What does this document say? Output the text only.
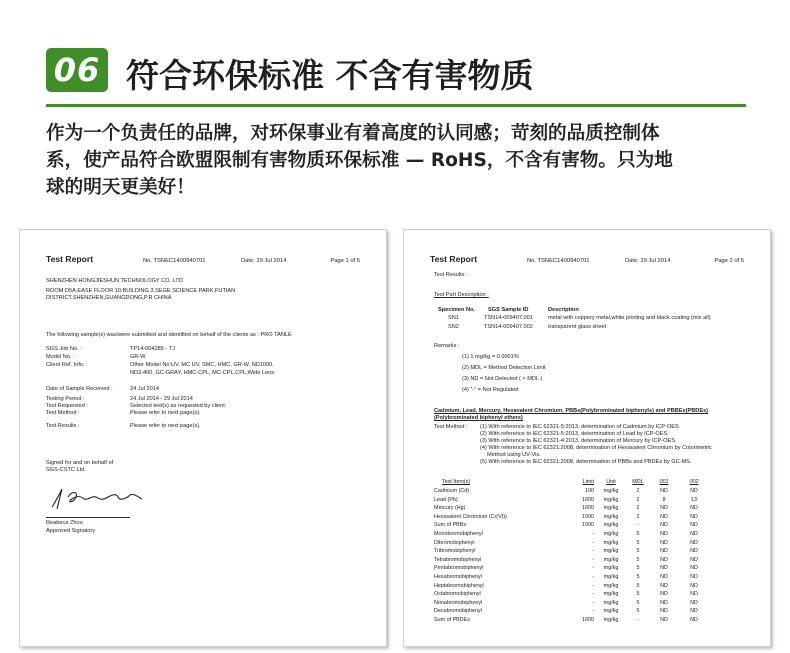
06 符合环保标准 不含有害物质
作为一个负责任的品牌，对环保事业有着高度的认同感；苛刻的品质控制体
系，使产品符合欧盟限制有害物质环保标准 — RoHS，不含有害物。只为地
球的明天更美好！
Test Report	No. TSNEC1400940701	Date: 29 Jul 2014	Page 1 of 5
SHENZHEN HONGJIESHUN TECHNOLOGY CO. LTD
ROOM D5A,EASE FLOOR 10,BUILDING 3,SEGE SCIENCE PARK,FUTIAN
DISTRICT,SHENZHEN,GUANGDONG,P.R CHINA
The following sample(s) was/were submitted and identified on behalf of the clients as : PRO TANLE
SGS Job No. :	TP14-004285 - TJ
Model No. :	GR-W
Client Ref. Info. :	Other Model No:UV, MC UV, SMC, HMC, GR-W, ND1000,
ND2-400, GC-GRAY, HMC-CPL, MC-CPL,CPL,Wide Lens
Date of Sample Received :	24 Jul 2014
Testing Period :	24 Jul 2014 - 29 Jul 2014
Test Requested :	Selected test(s) as requested by client.
Test Method :	Please refer to next page(s).
Test Results :	Please refer to next page(s).
Signed for and on behalf of
SGS-CSTC Ltd.
Reabeca Zhou
Approved Signatory
Test Report	No. TSNEC1400940701	Date: 29 Jul 2014	Page 2 of 5
Test Results :
Test Part Description :
Specimen No. SGS Sample ID	Description
SN1	TSN14-009407.001	metal with coppery metal,white printing and black coating (mix all)
SN2	TSN14-009407.002	transparent glass sheet
Remarks :
(1) 1 mg/kg = 0.0001%
(2) MDL = Method Detection Limit
(3) ND = Not Detected ( < MDL )
(4) "-" = Not Regulated
Cadmium, Lead, Mercury, Hexavalent Chromium, PBBs(Polybrominated biphenyls) and PBBEs(PBDEs)
(Polybrominated biphenyl ethers)
Test Method : (1) With reference to IEC 62321-5:2013, determination of Cadmium by ICP-OES.
(2) With reference to IEC 62321-5:2013, determination of Lead by ICP-OES.
(3) With reference to IEC 62321-4:2013, determination of Mercury by ICP-OES.
(4) With reference to IEC 62321:2008, determination of Hexavalent Chromium by Colorimetric
Method using UV-Vis.
(5) With reference to IEC 62321:2008, determination of PBBs and PBDEs by GC-MS.
Test Item(s)	Limit	Unit	MDL	001	002
Cadmium (Cd)	100	mg/kg	2	ND	ND
Lead (Pb)	1000	mg/kg	2	8	13
Mercury (Hg)	1000	mg/kg	2	ND	ND
Hexavalent Chromium (Cr(VI))	1000	mg/kg	2	ND	ND
Sum of PBBs	1000	mg/kg	-	ND	ND
Monobromobiphenyl	-	mg/kg	5	ND	ND
Dibromobiphenyl	-	mg/kg	5	ND	ND
Tribromobiphenyl	-	mg/kg	5	ND	ND
Tetrabromobiphenyl	-	mg/kg	5	ND	ND
Pentabromobiphenyl	-	mg/kg	5	ND	ND
Hexabromobiphenyl	-	mg/kg	5	ND	ND
Heptabromobiphenyl	-	mg/kg	5	ND	ND
Octabromobiphenyl	-	mg/kg	5	ND	ND
Nonabromobiphenyl	-	mg/kg	5	ND	ND
Decabromobiphenyl	-	mg/kg	5	ND	ND
Sum of PBDEs	1000	mg/kg	-	ND	ND
